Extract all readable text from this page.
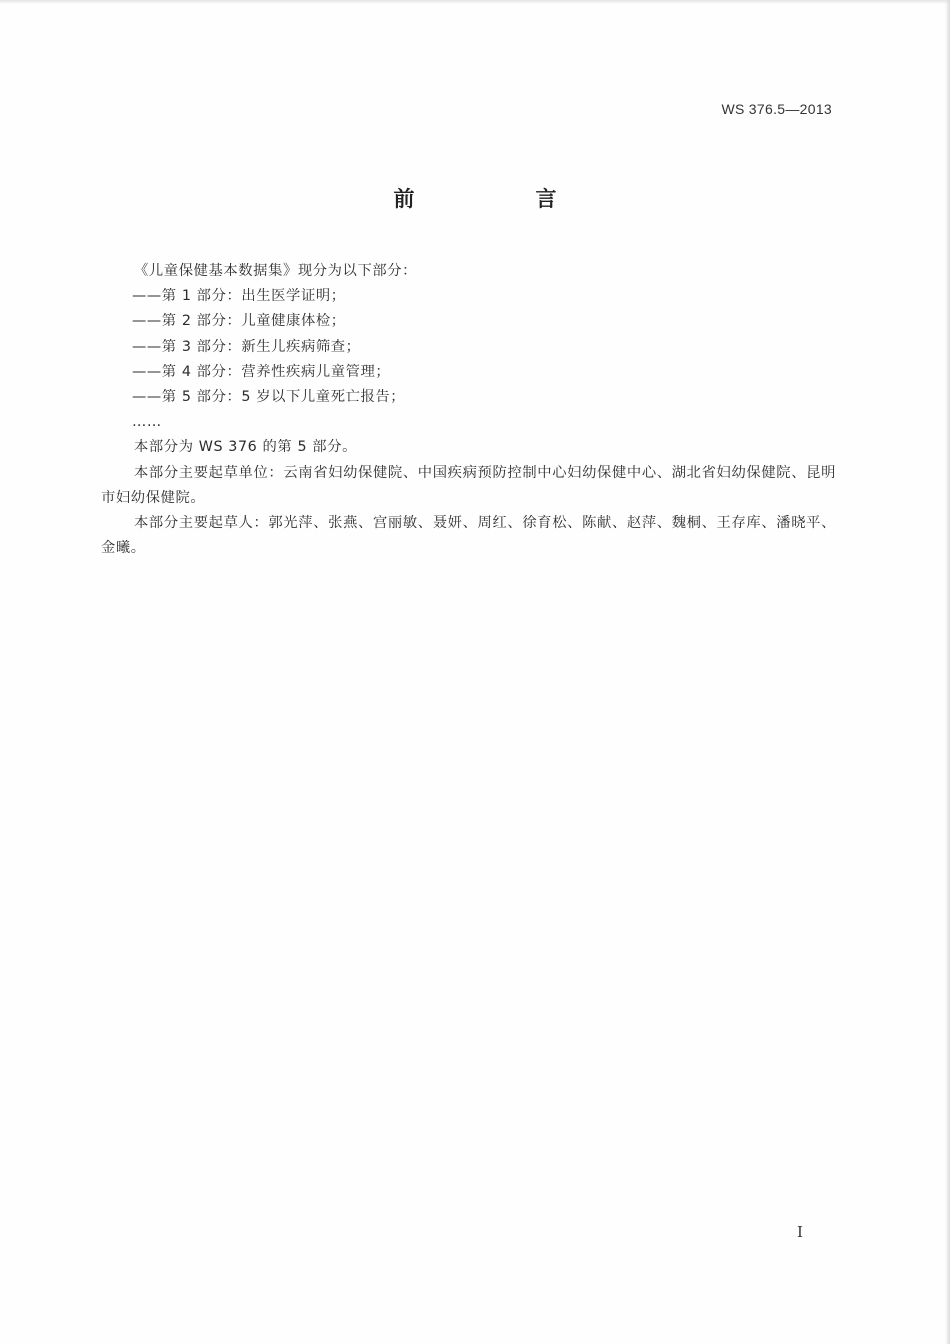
WS 376.5—2013
前　言

《儿童保健基本数据集》现分为以下部分：

——第 1 部分：出生医学证明；

——第 2 部分：儿童健康体检；

——第 3 部分：新生儿疾病筛查；

——第 4 部分：营养性疾病儿童管理；

——第 5 部分：5 岁以下儿童死亡报告；

……

本部分为 WS 376 的第 5 部分。

本部分主要起草单位：云南省妇幼保健院、中国疾病预防控制中心妇幼保健中心、湖北省妇幼保健院、昆明市妇幼保健院。

本部分主要起草人：郭光萍、张燕、宫丽敏、聂妍、周红、徐育松、陈献、赵萍、魏桐、王存库、潘晓平、金曦。

I
